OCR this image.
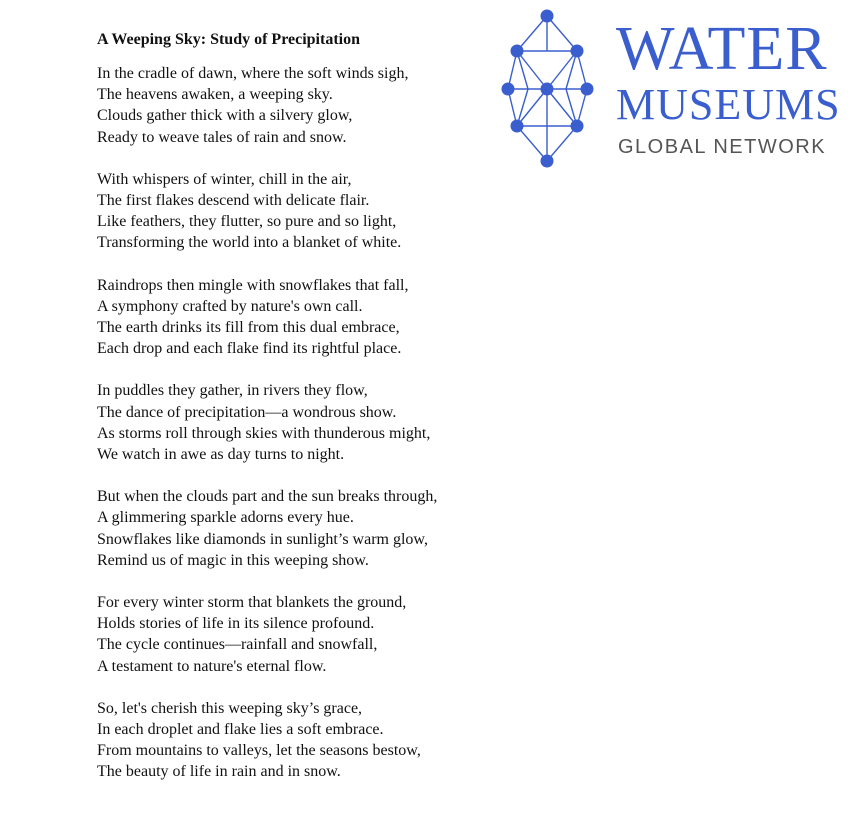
A Weeping Sky: Study of Precipitation
In the cradle of dawn, where the soft winds sigh,
The heavens awaken, a weeping sky.
Clouds gather thick with a silvery glow,
Ready to weave tales of rain and snow.
With whispers of winter, chill in the air,
The first flakes descend with delicate flair.
Like feathers, they flutter, so pure and so light,
Transforming the world into a blanket of white.
Raindrops then mingle with snowflakes that fall,
A symphony crafted by nature's own call.
The earth drinks its fill from this dual embrace,
Each drop and each flake find its rightful place.
In puddles they gather, in rivers they flow,
The dance of precipitation—a wondrous show.
As storms roll through skies with thunderous might,
We watch in awe as day turns to night.
But when the clouds part and the sun breaks through,
A glimmering sparkle adorns every hue.
Snowflakes like diamonds in sunlight’s warm glow,
Remind us of magic in this weeping show.
For every winter storm that blankets the ground,
Holds stories of life in its silence profound.
The cycle continues—rainfall and snowfall,
A testament to nature's eternal flow.
So, let's cherish this weeping sky’s grace,
In each droplet and flake lies a soft embrace.
From mountains to valleys, let the seasons bestow,
The beauty of life in rain and in snow.
WATER
MUSEUMS
GLOBAL NETWORK
